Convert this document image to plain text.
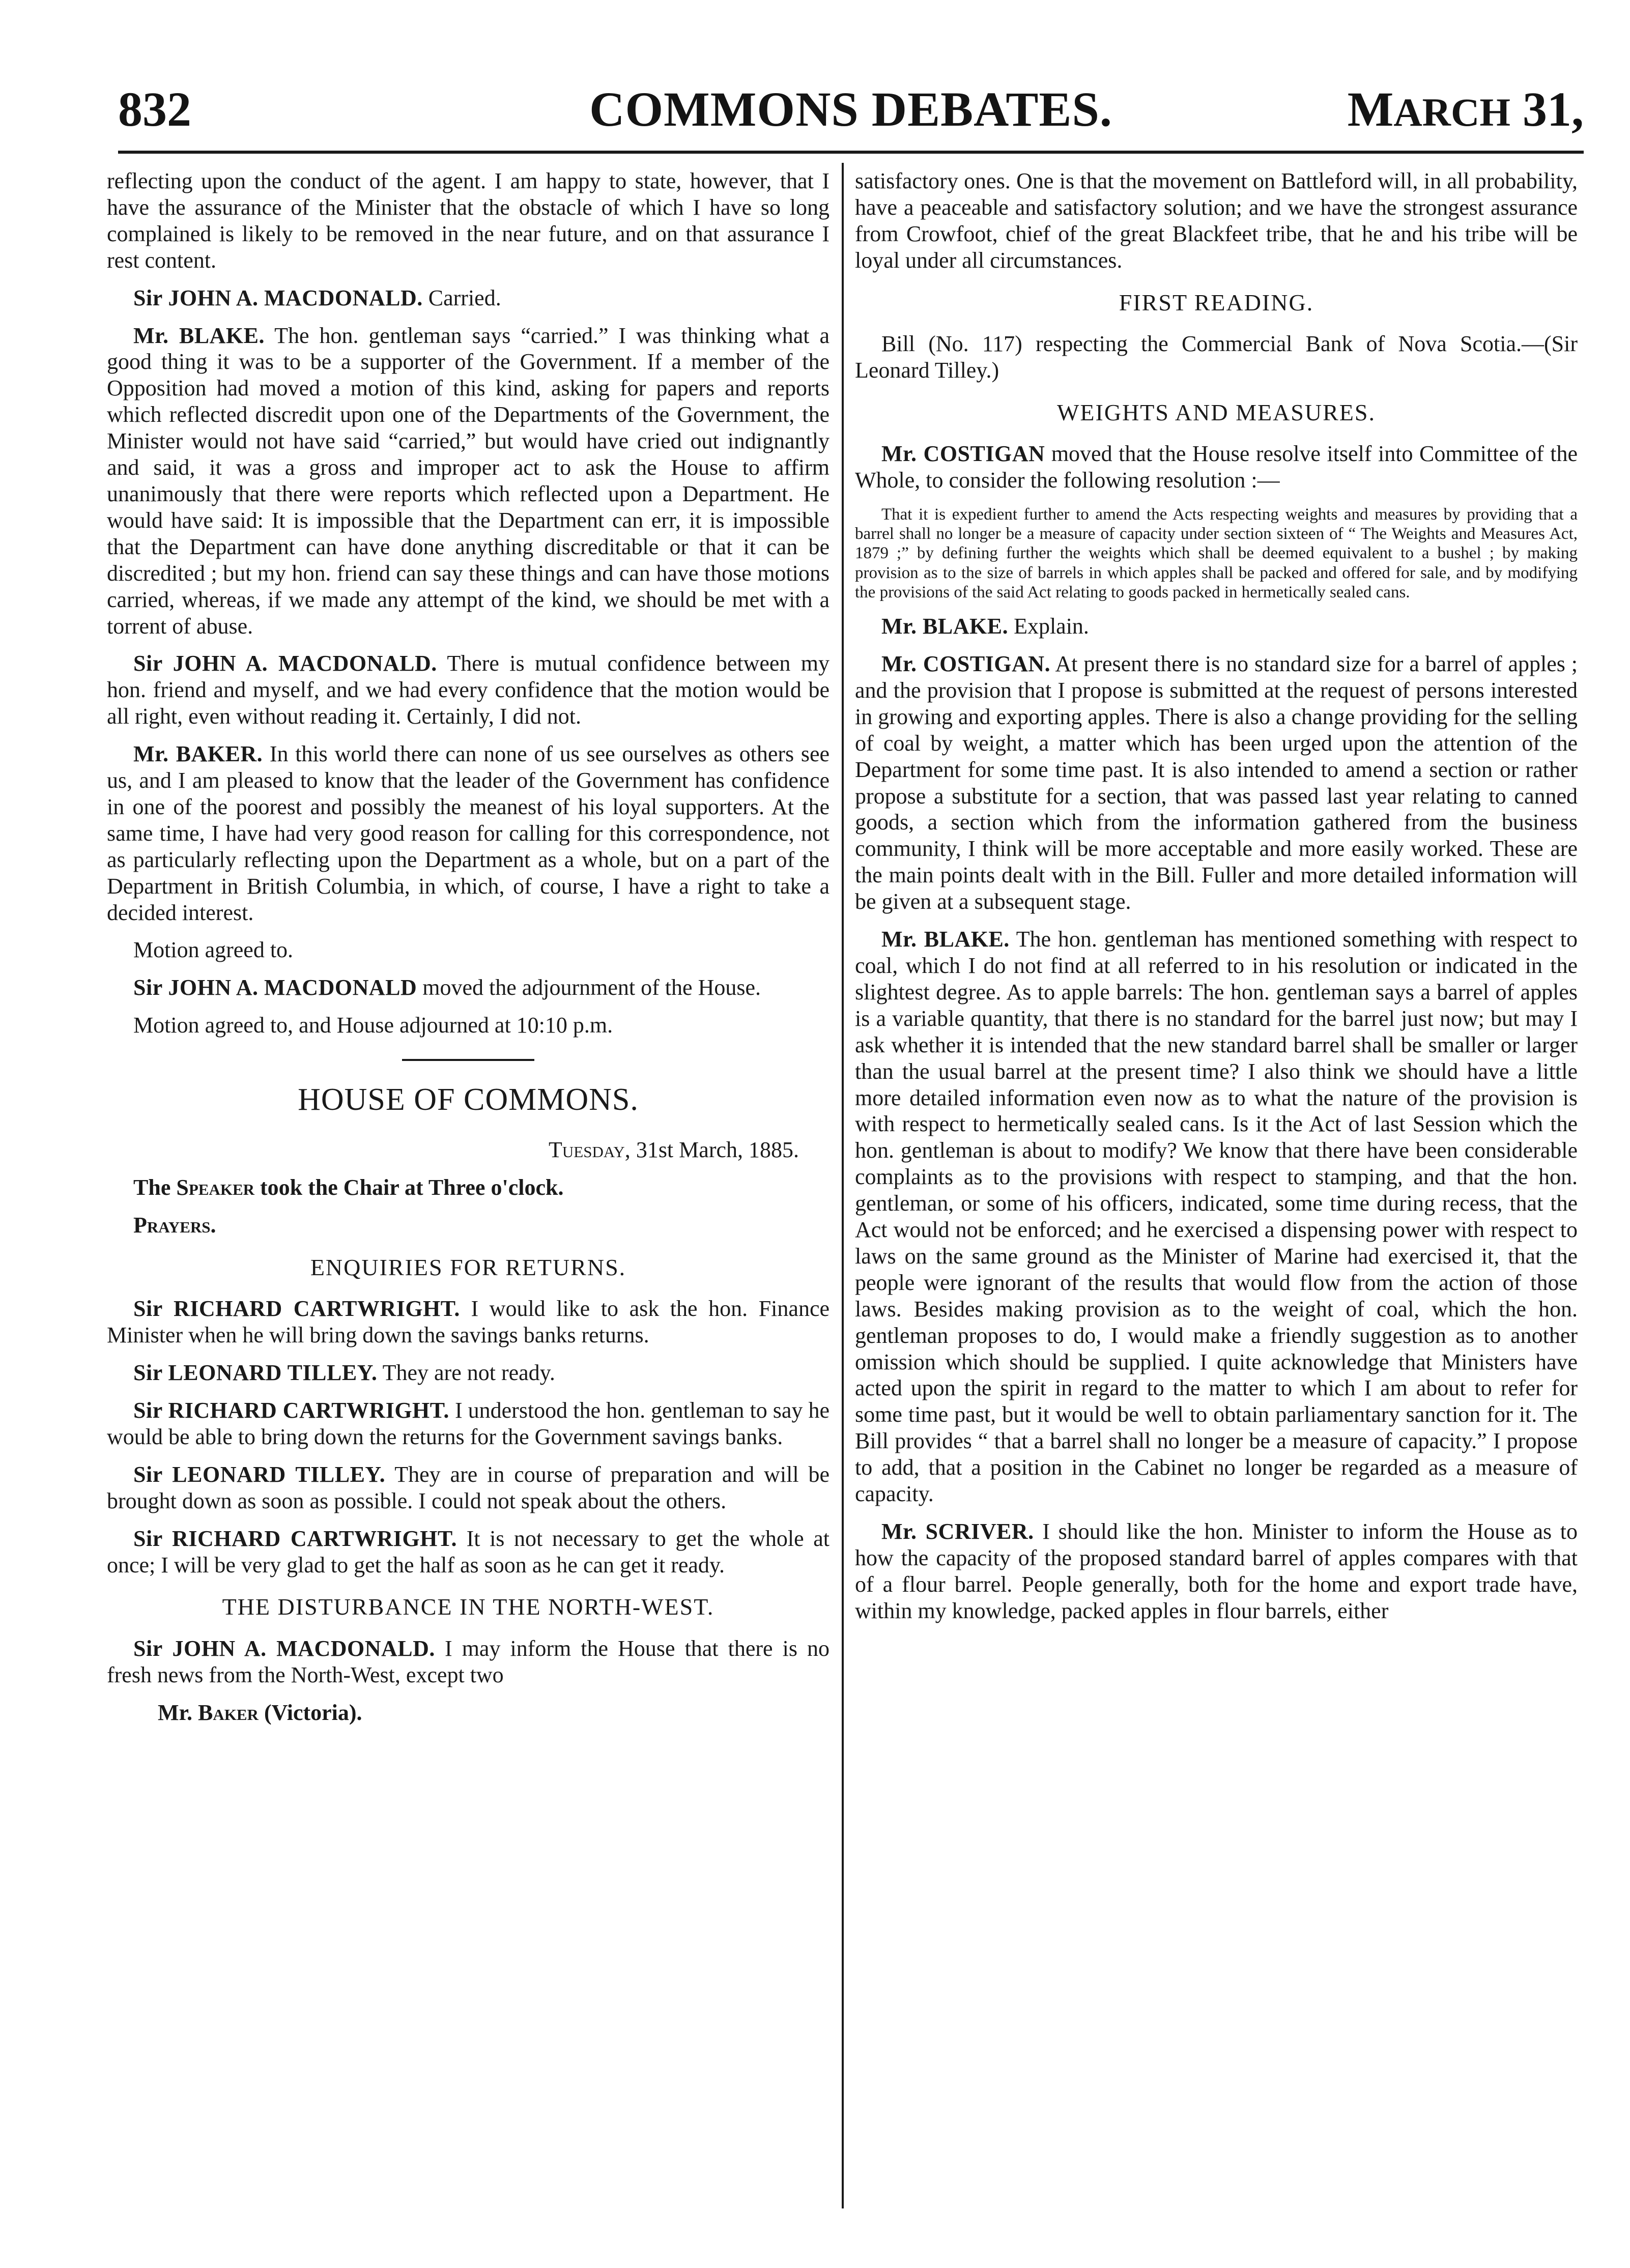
832	COMMONS DEBATES.	MARCH 31,

reflecting upon the conduct of the agent. I am happy to state, however, that I have the assurance of the Minister that the obstacle of which I have so long complained is likely to be removed in the near future, and on that assurance I rest content.

Sir JOHN A. MACDONALD. Carried.

Mr. BLAKE. The hon. gentleman says “carried.” I was thinking what a good thing it was to be a supporter of the Government. If a member of the Opposition had moved a motion of this kind, asking for papers and reports which reflected discredit upon one of the Departments of the Government, the Minister would not have said “carried,” but would have cried out indignantly and said, it was a gross and improper act to ask the House to affirm unanimously that there were reports which reflected upon a Department. He would have said: It is impossible that the Department can err, it is impossible that the Department can have done anything discreditable or that it can be discredited ; but my hon. friend can say these things and can have those motions carried, whereas, if we made any attempt of the kind, we should be met with a torrent of abuse.

Sir JOHN A. MACDONALD. There is mutual confidence between my hon. friend and myself, and we had every confidence that the motion would be all right, even without reading it. Certainly, I did not.

Mr. BAKER. In this world there can none of us see ourselves as others see us, and I am pleased to know that the leader of the Government has confidence in one of the poorest and possibly the meanest of his loyal supporters. At the same time, I have had very good reason for calling for this correspondence, not as particularly reflecting upon the Department as a whole, but on a part of the Department in British Columbia, in which, of course, I have a right to take a decided interest.

Motion agreed to.

Sir JOHN A. MACDONALD moved the adjournment of the House.

Motion agreed to, and House adjourned at 10:10 p.m.

HOUSE OF COMMONS.

Tuesday, 31st March, 1885.

The Speaker took the Chair at Three o'clock.

Prayers.

ENQUIRIES FOR RETURNS.

Sir RICHARD CARTWRIGHT. I would like to ask the hon. Finance Minister when he will bring down the savings banks returns.

Sir LEONARD TILLEY. They are not ready.

Sir RICHARD CARTWRIGHT. I understood the hon. gentleman to say he would be able to bring down the returns for the Government savings banks.

Sir LEONARD TILLEY. They are in course of preparation and will be brought down as soon as possible. I could not speak about the others.

Sir RICHARD CARTWRIGHT. It is not necessary to get the whole at once; I will be very glad to get the half as soon as he can get it ready.

THE DISTURBANCE IN THE NORTH-WEST.

Sir JOHN A. MACDONALD. I may inform the House that there is no fresh news from the North-West, except two

Mr. Baker (Victoria).

satisfactory ones. One is that the movement on Battleford will, in all probability, have a peaceable and satisfactory solution; and we have the strongest assurance from Crowfoot, chief of the great Blackfeet tribe, that he and his tribe will be loyal under all circumstances.

FIRST READING.

Bill (No. 117) respecting the Commercial Bank of Nova Scotia.—(Sir Leonard Tilley.)

WEIGHTS AND MEASURES.

Mr. COSTIGAN moved that the House resolve itself into Committee of the Whole, to consider the following resolution :—

That it is expedient further to amend the Acts respecting weights and measures by providing that a barrel shall no longer be a measure of capacity under section sixteen of “ The Weights and Measures Act, 1879 ;” by defining further the weights which shall be deemed equivalent to a bushel ; by making provision as to the size of barrels in which apples shall be packed and offered for sale, and by modifying the provisions of the said Act relating to goods packed in hermetically sealed cans.

Mr. BLAKE. Explain.

Mr. COSTIGAN. At present there is no standard size for a barrel of apples ; and the provision that I propose is submitted at the request of persons interested in growing and exporting apples. There is also a change providing for the selling of coal by weight, a matter which has been urged upon the attention of the Department for some time past. It is also intended to amend a section or rather propose a substitute for a section, that was passed last year relating to canned goods, a section which from the information gathered from the business community, I think will be more acceptable and more easily worked. These are the main points dealt with in the Bill. Fuller and more detailed information will be given at a subsequent stage.

Mr. BLAKE. The hon. gentleman has mentioned something with respect to coal, which I do not find at all referred to in his resolution or indicated in the slightest degree. As to apple barrels: The hon. gentleman says a barrel of apples is a variable quantity, that there is no standard for the barrel just now; but may I ask whether it is intended that the new standard barrel shall be smaller or larger than the usual barrel at the present time? I also think we should have a little more detailed information even now as to what the nature of the provision is with respect to hermetically sealed cans. Is it the Act of last Session which the hon. gentleman is about to modify? We know that there have been considerable complaints as to the provisions with respect to stamping, and that the hon. gentleman, or some of his officers, indicated, some time during recess, that the Act would not be enforced; and he exercised a dispensing power with respect to laws on the same ground as the Minister of Marine had exercised it, that the people were ignorant of the results that would flow from the action of those laws. Besides making provision as to the weight of coal, which the hon. gentleman proposes to do, I would make a friendly suggestion as to another omission which should be supplied. I quite acknowledge that Ministers have acted upon the spirit in regard to the matter to which I am about to refer for some time past, but it would be well to obtain parliamentary sanction for it. The Bill provides “ that a barrel shall no longer be a measure of capacity.” I propose to add, that a position in the Cabinet no longer be regarded as a measure of capacity.

Mr. SCRIVER. I should like the hon. Minister to inform the House as to how the capacity of the proposed standard barrel of apples compares with that of a flour barrel. People generally, both for the home and export trade have, within my knowledge, packed apples in flour barrels, either
